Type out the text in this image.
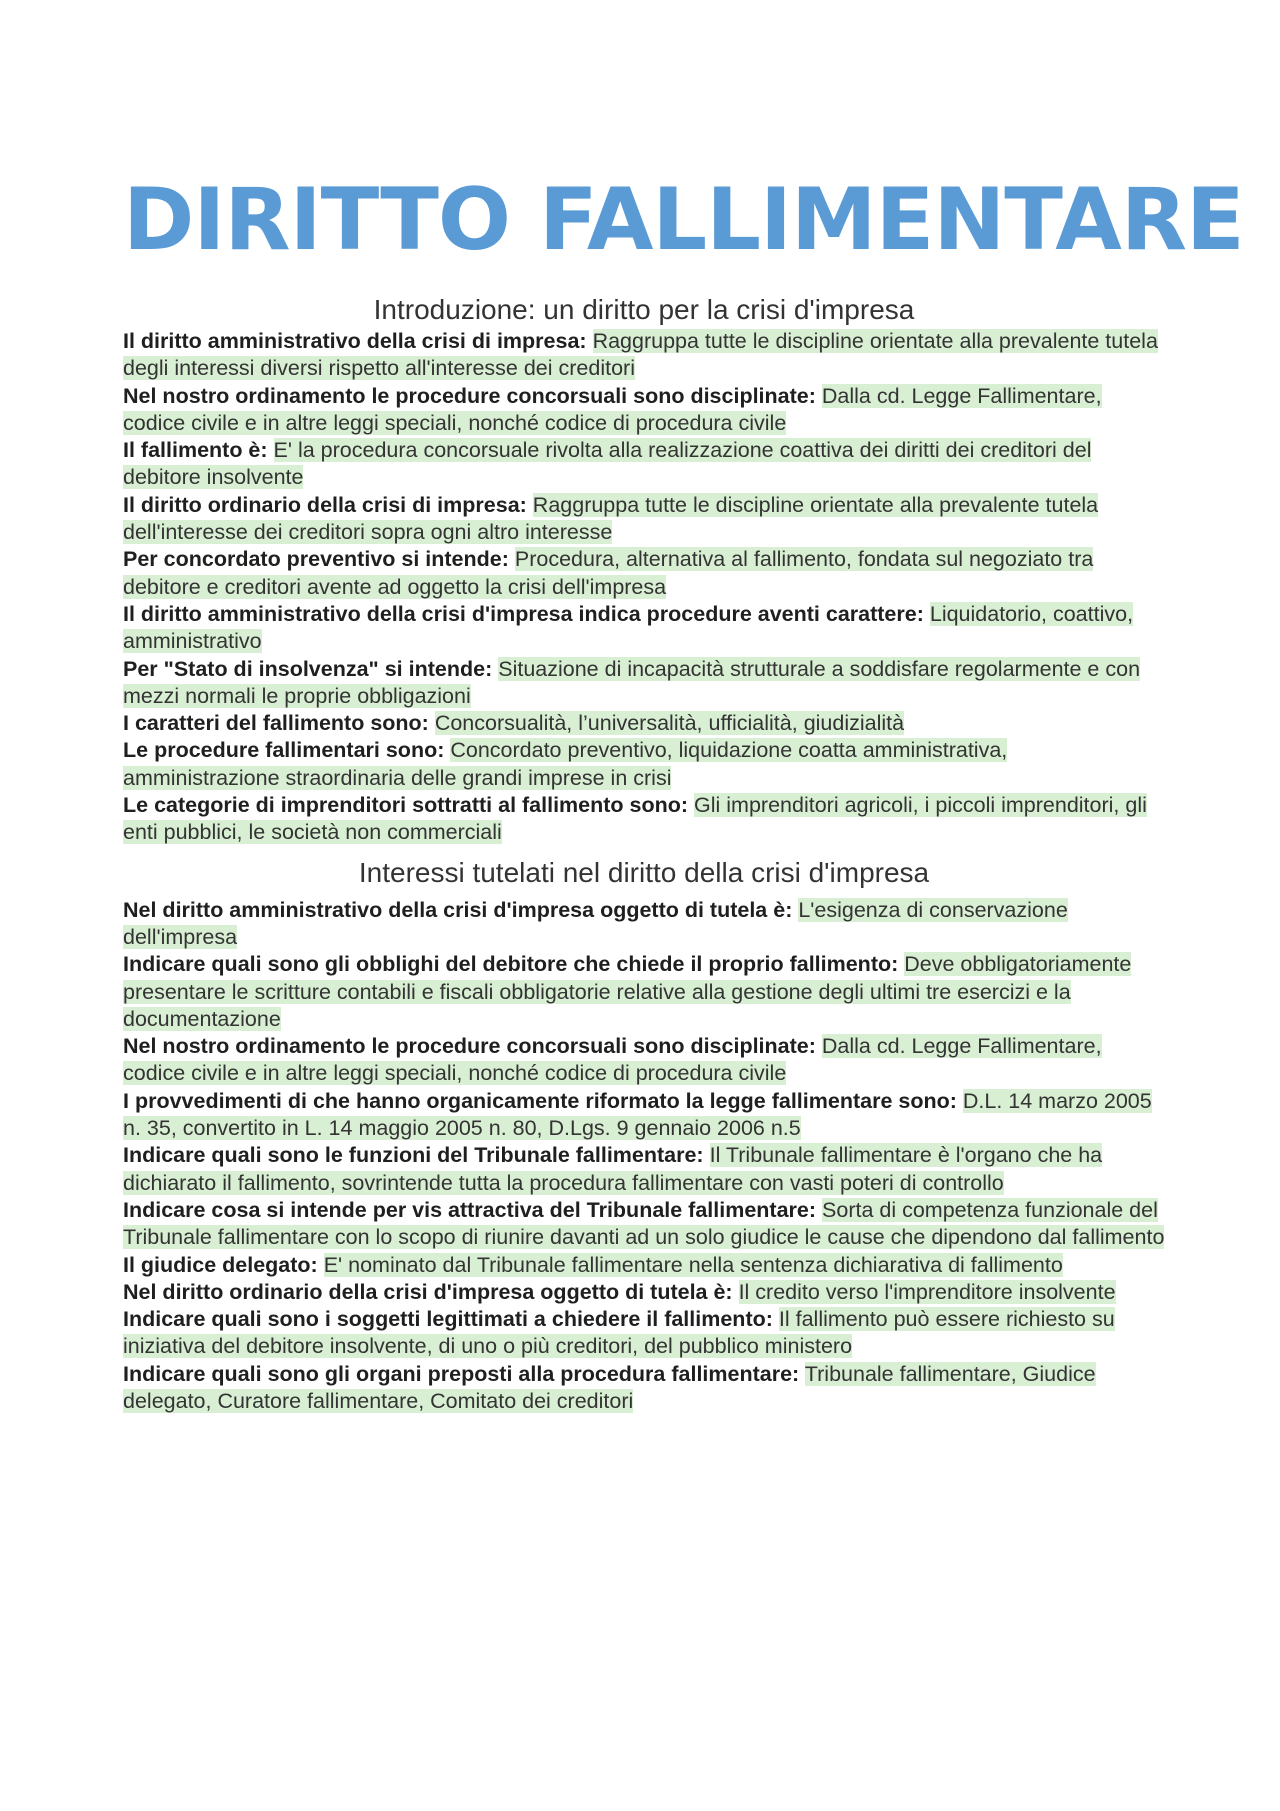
DIRITTO FALLIMENTARE
Introduzione: un diritto per la crisi d'impresa

Il diritto amministrativo della crisi di impresa: Raggruppa tutte le discipline orientate alla prevalente tutela degli interessi diversi rispetto all'interesse dei creditori

Nel nostro ordinamento le procedure concorsuali sono disciplinate: Dalla cd. Legge Fallimentare, codice civile e in altre leggi speciali, nonché codice di procedura civile

Il fallimento è: E' la procedura concorsuale rivolta alla realizzazione coattiva dei diritti dei creditori del debitore insolvente

Il diritto ordinario della crisi di impresa: Raggruppa tutte le discipline orientate alla prevalente tutela dell'interesse dei creditori sopra ogni altro interesse

Per concordato preventivo si intende: Procedura, alternativa al fallimento, fondata sul negoziato tra debitore e creditori avente ad oggetto la crisi dell'impresa

Il diritto amministrativo della crisi d'impresa indica procedure aventi carattere: Liquidatorio, coattivo, amministrativo

Per "Stato di insolvenza" si intende: Situazione di incapacità strutturale a soddisfare regolarmente e con mezzi normali le proprie obbligazioni

I caratteri del fallimento sono: Concorsualità, l’universalità, ufficialità, giudizialità

Le procedure fallimentari sono: Concordato preventivo, liquidazione coatta amministrativa, amministrazione straordinaria delle grandi imprese in crisi

Le categorie di imprenditori sottratti al fallimento sono: Gli imprenditori agricoli, i piccoli imprenditori, gli enti pubblici, le società non commerciali

Interessi tutelati nel diritto della crisi d'impresa

Nel diritto amministrativo della crisi d'impresa oggetto di tutela è: L'esigenza di conservazione dell'impresa

Indicare quali sono gli obblighi del debitore che chiede il proprio fallimento: Deve obbligatoriamente presentare le scritture contabili e fiscali obbligatorie relative alla gestione degli ultimi tre esercizi e la documentazione

Nel nostro ordinamento le procedure concorsuali sono disciplinate: Dalla cd. Legge Fallimentare, codice civile e in altre leggi speciali, nonché codice di procedura civile

I provvedimenti di che hanno organicamente riformato la legge fallimentare sono: D.L. 14 marzo 2005 n. 35, convertito in L. 14 maggio 2005 n. 80, D.Lgs. 9 gennaio 2006 n.5

Indicare quali sono le funzioni del Tribunale fallimentare: Il Tribunale fallimentare è l'organo che ha dichiarato il fallimento, sovrintende tutta la procedura fallimentare con vasti poteri di controllo

Indicare cosa si intende per vis attractiva del Tribunale fallimentare: Sorta di competenza funzionale del Tribunale fallimentare con lo scopo di riunire davanti ad un solo giudice le cause che dipendono dal fallimento

Il giudice delegato: E' nominato dal Tribunale fallimentare nella sentenza dichiarativa di fallimento

Nel diritto ordinario della crisi d'impresa oggetto di tutela è: Il credito verso l'imprenditore insolvente

Indicare quali sono i soggetti legittimati a chiedere il fallimento: Il fallimento può essere richiesto su iniziativa del debitore insolvente, di uno o più creditori, del pubblico ministero

Indicare quali sono gli organi preposti alla procedura fallimentare: Tribunale fallimentare, Giudice delegato, Curatore fallimentare, Comitato dei creditori
